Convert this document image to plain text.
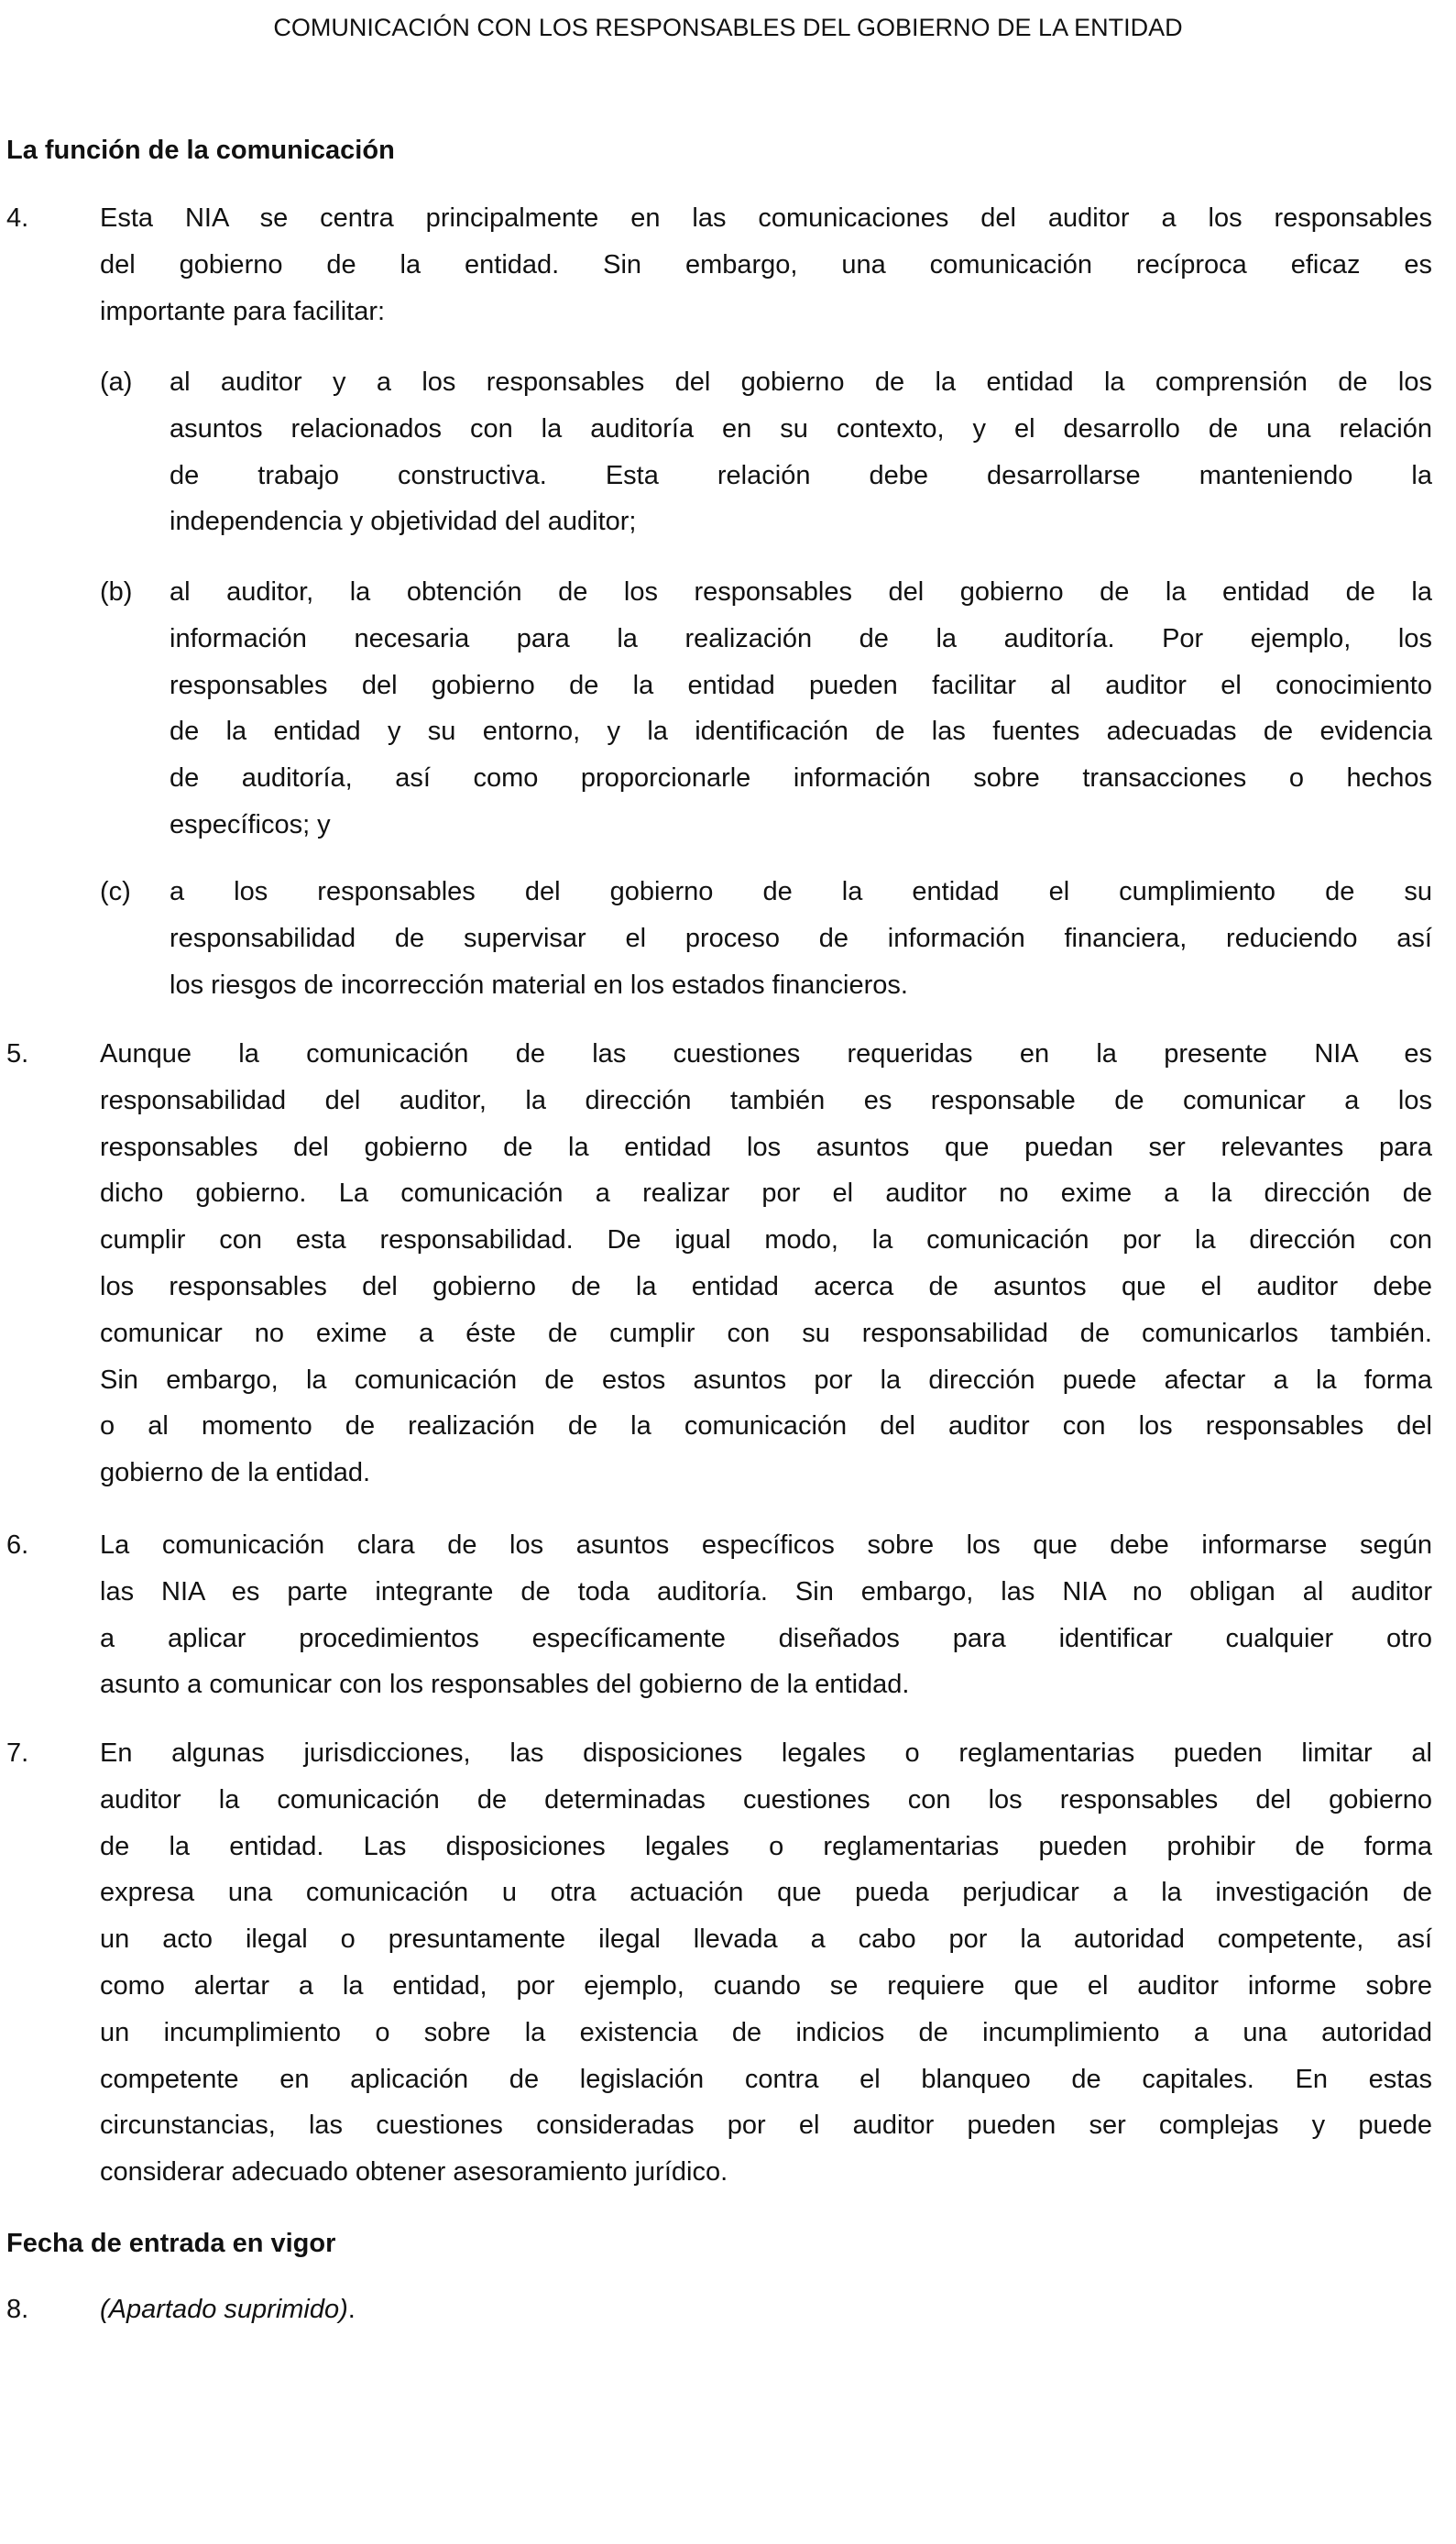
COMUNICACIÓN CON LOS RESPONSABLES DEL GOBIERNO DE LA ENTIDAD
La función de la comunicación
4.	Esta NIA se centra principalmente en las comunicaciones del auditor a los responsables
del gobierno de la entidad. Sin embargo, una comunicación recíproca eficaz es
importante para facilitar:
(a) al auditor y a los responsables del gobierno de la entidad la comprensión de los
asuntos relacionados con la auditoría en su contexto, y el desarrollo de una relación
de trabajo constructiva. Esta relación debe desarrollarse manteniendo la
independencia y objetividad del auditor;
(b) al auditor, la obtención de los responsables del gobierno de la entidad de la
información necesaria para la realización de la auditoría. Por ejemplo, los
responsables del gobierno de la entidad pueden facilitar al auditor el conocimiento
de la entidad y su entorno, y la identificación de las fuentes adecuadas de evidencia
de auditoría, así como proporcionarle información sobre transacciones o hechos
específicos; y
(c) a los responsables del gobierno de la entidad el cumplimiento de su
responsabilidad de supervisar el proceso de información financiera, reduciendo así
los riesgos de incorrección material en los estados financieros.
5.	Aunque la comunicación de las cuestiones requeridas en la presente NIA es
responsabilidad del auditor, la dirección también es responsable de comunicar a los
responsables del gobierno de la entidad los asuntos que puedan ser relevantes para
dicho gobierno. La comunicación a realizar por el auditor no exime a la dirección de
cumplir con esta responsabilidad. De igual modo, la comunicación por la dirección con
los responsables del gobierno de la entidad acerca de asuntos que el auditor debe
comunicar no exime a éste de cumplir con su responsabilidad de comunicarlos también.
Sin embargo, la comunicación de estos asuntos por la dirección puede afectar a la forma
o al momento de realización de la comunicación del auditor con los responsables del
gobierno de la entidad.
6.	La comunicación clara de los asuntos específicos sobre los que debe informarse según
las NIA es parte integrante de toda auditoría. Sin embargo, las NIA no obligan al auditor
a aplicar procedimientos específicamente diseñados para identificar cualquier otro
asunto a comunicar con los responsables del gobierno de la entidad.
7.	En algunas jurisdicciones, las disposiciones legales o reglamentarias pueden limitar al
auditor la comunicación de determinadas cuestiones con los responsables del gobierno
de la entidad. Las disposiciones legales o reglamentarias pueden prohibir de forma
expresa una comunicación u otra actuación que pueda perjudicar a la investigación de
un acto ilegal o presuntamente ilegal llevada a cabo por la autoridad competente, así
como alertar a la entidad, por ejemplo, cuando se requiere que el auditor informe sobre
un incumplimiento o sobre la existencia de indicios de incumplimiento a una autoridad
competente en aplicación de legislación contra el blanqueo de capitales. En estas
circunstancias, las cuestiones consideradas por el auditor pueden ser complejas y puede
considerar adecuado obtener asesoramiento jurídico.
Fecha de entrada en vigor
8.	(Apartado suprimido).
